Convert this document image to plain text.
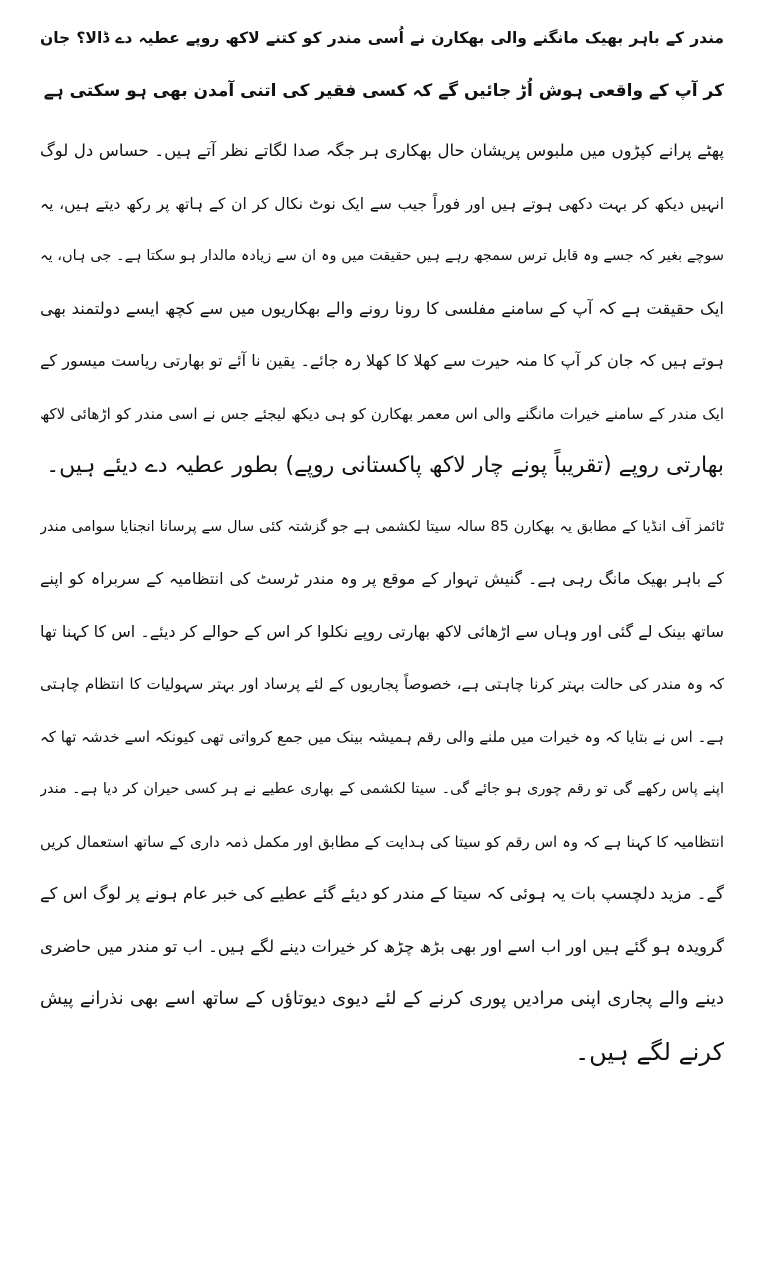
مندر کے باہر بھیک مانگنے والی بھکارن نے اُسی مندر کو کتنے لاکھ روپے عطیہ دے ڈالا؟ جان
کر آپ کے واقعی ہوش اُڑ جائیں گے کہ کسی فقیر کی اتنی آمدن بھی ہو سکتی ہے
پھٹے پرانے کپڑوں میں ملبوس پریشان حال بھکاری ہر جگہ صدا لگاتے نظر آتے ہیں۔ حساس دل لوگ
انہیں دیکھ کر بہت دکھی ہوتے ہیں اور فوراً جیب سے ایک نوٹ نکال کر ان کے ہاتھ پر رکھ دیتے ہیں، یہ
سوچے بغیر کہ جسے وہ قابل ترس سمجھ رہے ہیں حقیقت میں وہ ان سے زیادہ مالدار ہو سکتا ہے۔ جی ہاں، یہ
ایک حقیقت ہے کہ آپ کے سامنے مفلسی کا رونا رونے والے بھکاریوں میں سے کچھ ایسے دولتمند بھی
ہوتے ہیں کہ جان کر آپ کا منہ حیرت سے کھلا کا کھلا رہ جائے۔ یقین نا آئے تو بھارتی ریاست میسور کے
ایک مندر کے سامنے خیرات مانگنے والی اس معمر بھکارن کو ہی دیکھ لیجئے جس نے اسی مندر کو اڑھائی لاکھ
بھارتی روپے (تقریباً پونے چار لاکھ پاکستانی روپے) بطور عطیہ دے دیئے ہیں۔
ٹائمز آف انڈیا کے مطابق یہ بھکارن 85 سالہ سیتا لکشمی ہے جو گزشتہ کئی سال سے پرسانا انجنایا سوامی مندر
کے باہر بھیک مانگ رہی ہے۔ گنیش تہوار کے موقع پر وہ مندر ٹرسٹ کی انتظامیہ کے سربراہ کو اپنے
ساتھ بینک لے گئی اور وہاں سے اڑھائی لاکھ بھارتی روپے نکلوا کر اس کے حوالے کر دیئے۔ اس کا کہنا تھا
کہ وہ مندر کی حالت بہتر کرنا چاہتی ہے، خصوصاً پجاریوں کے لئے پرساد اور بہتر سہولیات کا انتظام چاہتی
ہے۔ اس نے بتایا کہ وہ خیرات میں ملنے والی رقم ہمیشہ بینک میں جمع کرواتی تھی کیونکہ اسے خدشہ تھا کہ
اپنے پاس رکھے گی تو رقم چوری ہو جائے گی۔ سیتا لکشمی کے بھاری عطیے نے ہر کسی حیران کر دیا ہے۔ مندر
انتظامیہ کا کہنا ہے کہ وہ اس رقم کو سیتا کی ہدایت کے مطابق اور مکمل ذمہ داری کے ساتھ استعمال کریں
گے۔ مزید دلچسپ بات یہ ہوئی کہ سیتا کے مندر کو دیئے گئے عطیے کی خبر عام ہونے پر لوگ اس کے
گرویدہ ہو گئے ہیں اور اب اسے اور بھی بڑھ چڑھ کر خیرات دینے لگے ہیں۔ اب تو مندر میں حاضری
دینے والے پجاری اپنی مرادیں پوری کرنے کے لئے دیوی دیوتاؤں کے ساتھ اسے بھی نذرانے پیش
کرنے لگے ہیں۔
